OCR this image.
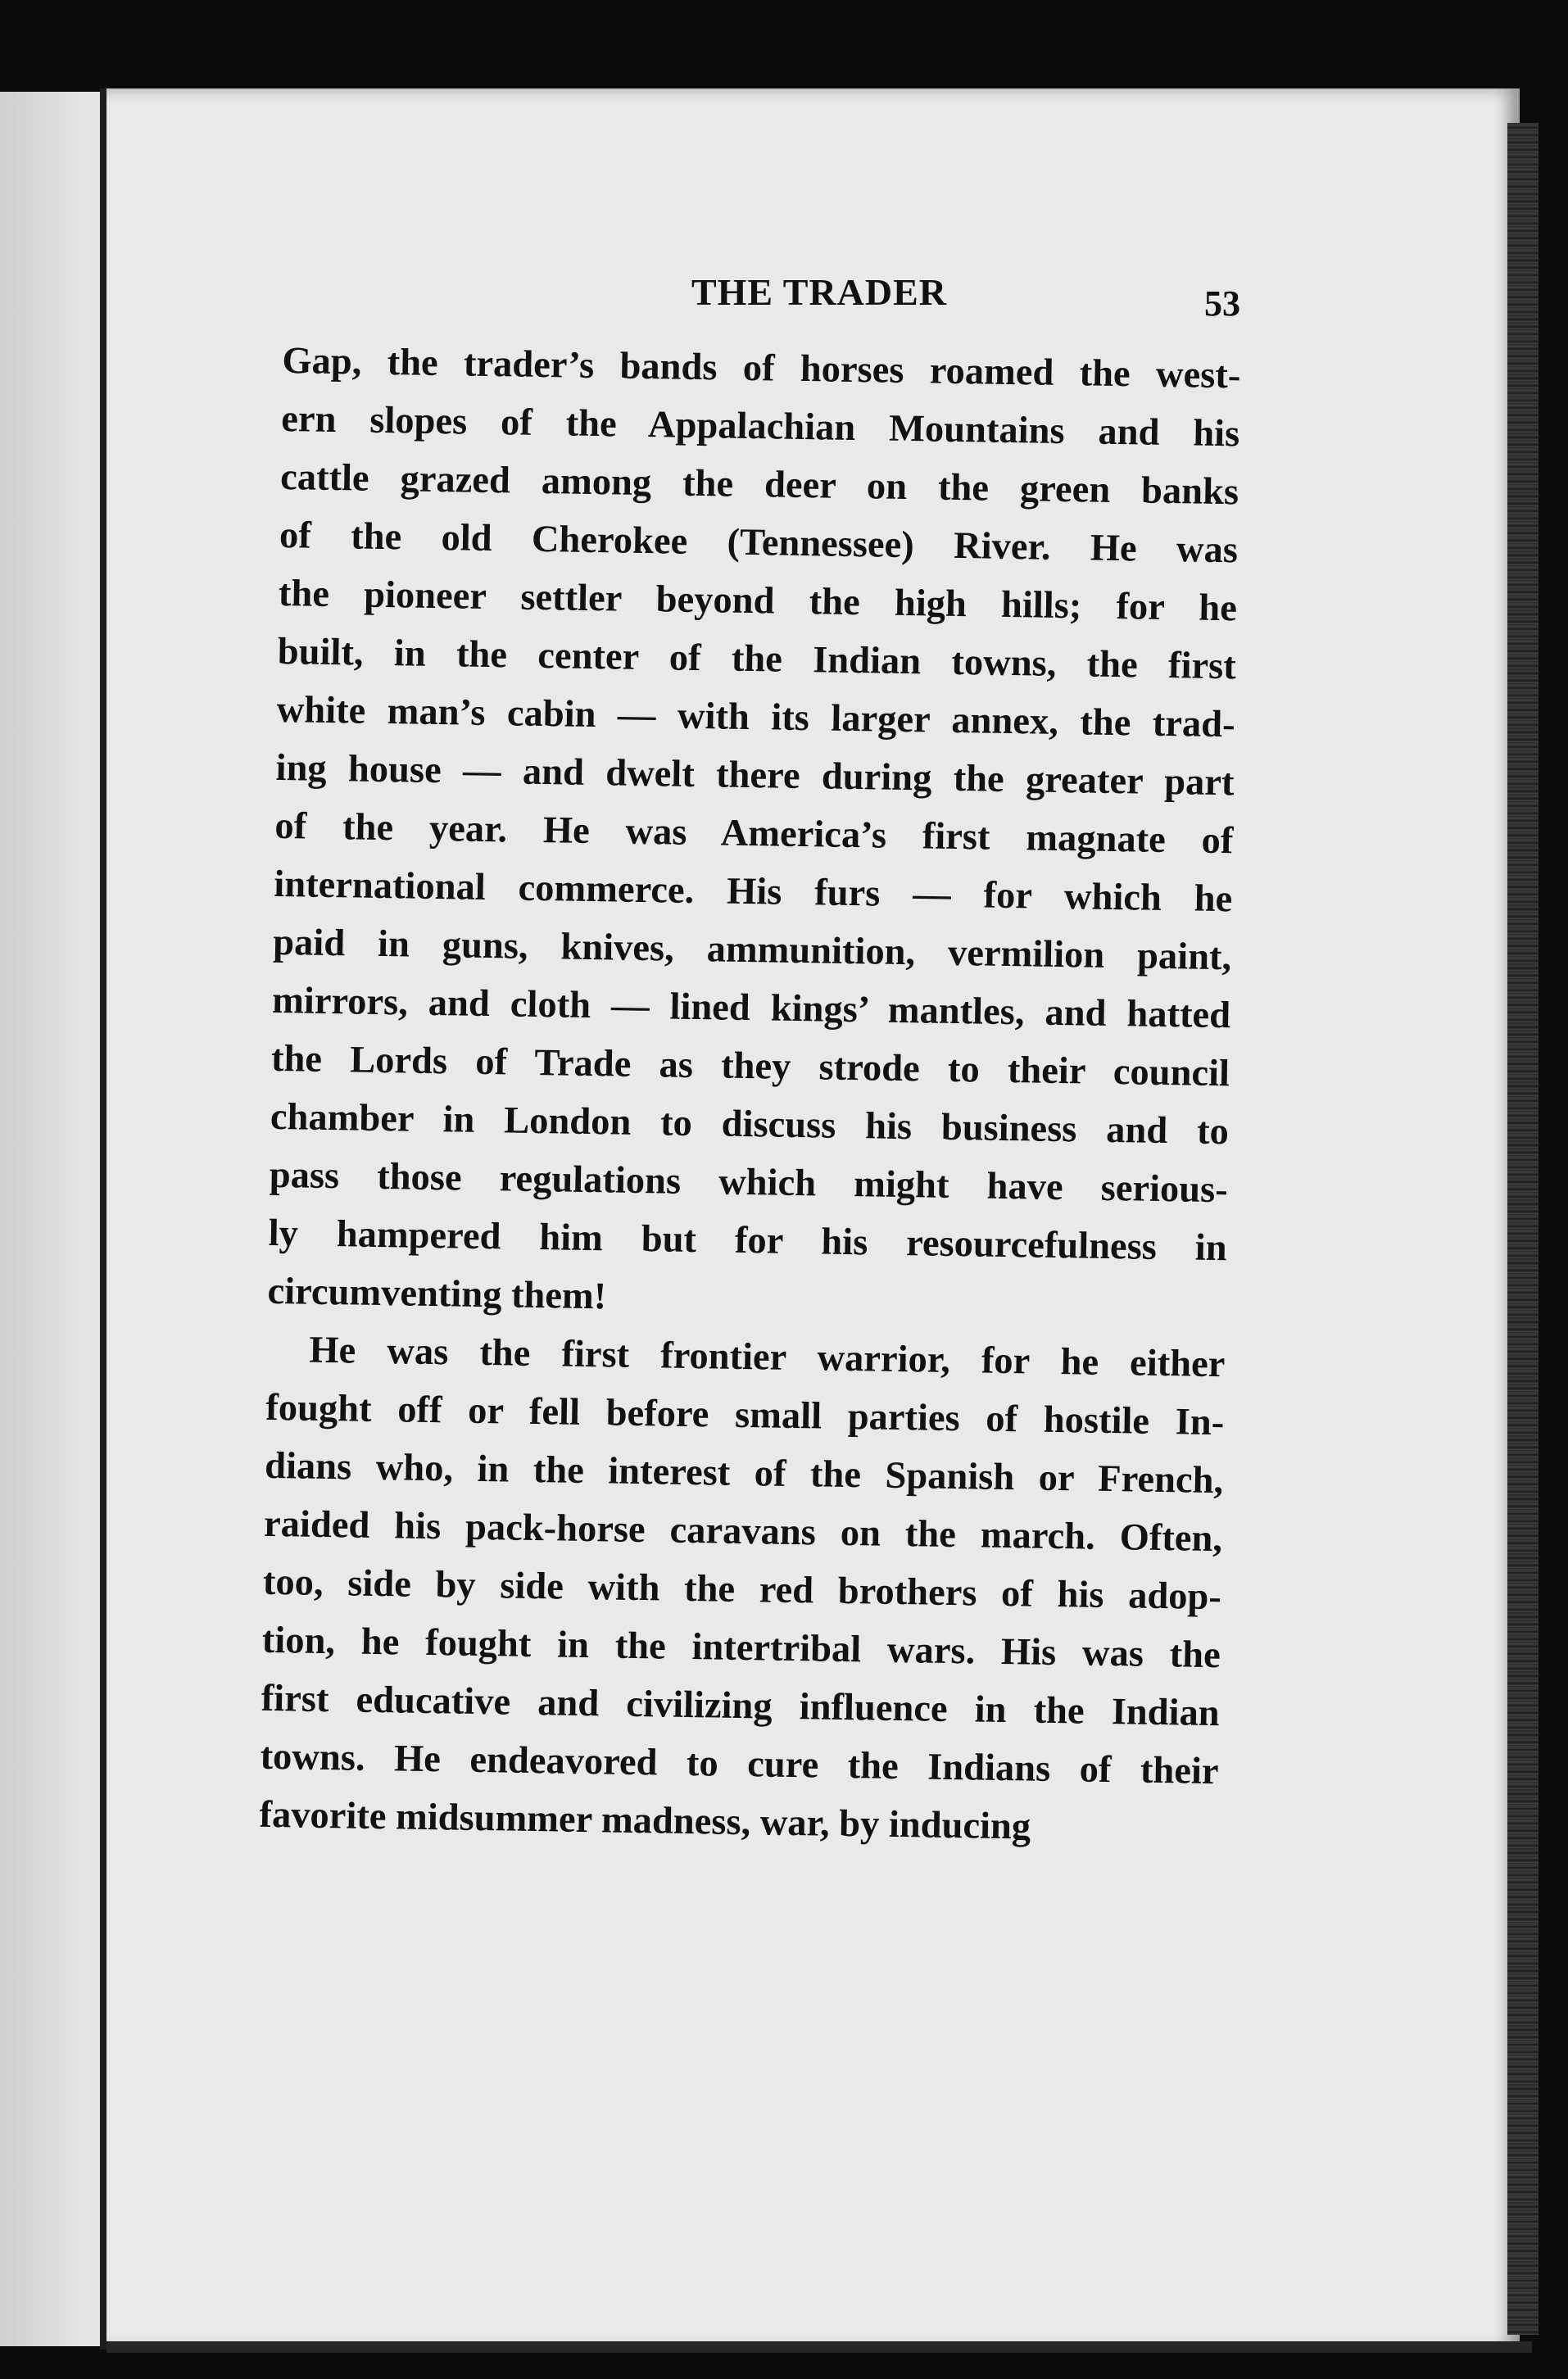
THE TRADER	53
Gap, the trader’s bands of horses roamed the west-
ern slopes of the Appalachian Mountains and his
cattle grazed among the deer on the green banks
of the old Cherokee (Tennessee) River. He was
the pioneer settler beyond the high hills; for he
built, in the center of the Indian towns, the first
white man’s cabin — with its larger annex, the trad-
ing house — and dwelt there during the greater part
of the year. He was America’s first magnate of
international commerce. His furs — for which he
paid in guns, knives, ammunition, vermilion paint,
mirrors, and cloth — lined kings’ mantles, and hatted
the Lords of Trade as they strode to their council
chamber in London to discuss his business and to
pass those regulations which might have serious-
ly hampered him but for his resourcefulness in
circumventing them!
He was the first frontier warrior, for he either
fought off or fell before small parties of hostile In-
dians who, in the interest of the Spanish or French,
raided his pack-horse caravans on the march. Often,
too, side by side with the red brothers of his adop-
tion, he fought in the intertribal wars. His was the
first educative and civilizing influence in the Indian
towns. He endeavored to cure the Indians of their
favorite midsummer madness, war, by inducing
